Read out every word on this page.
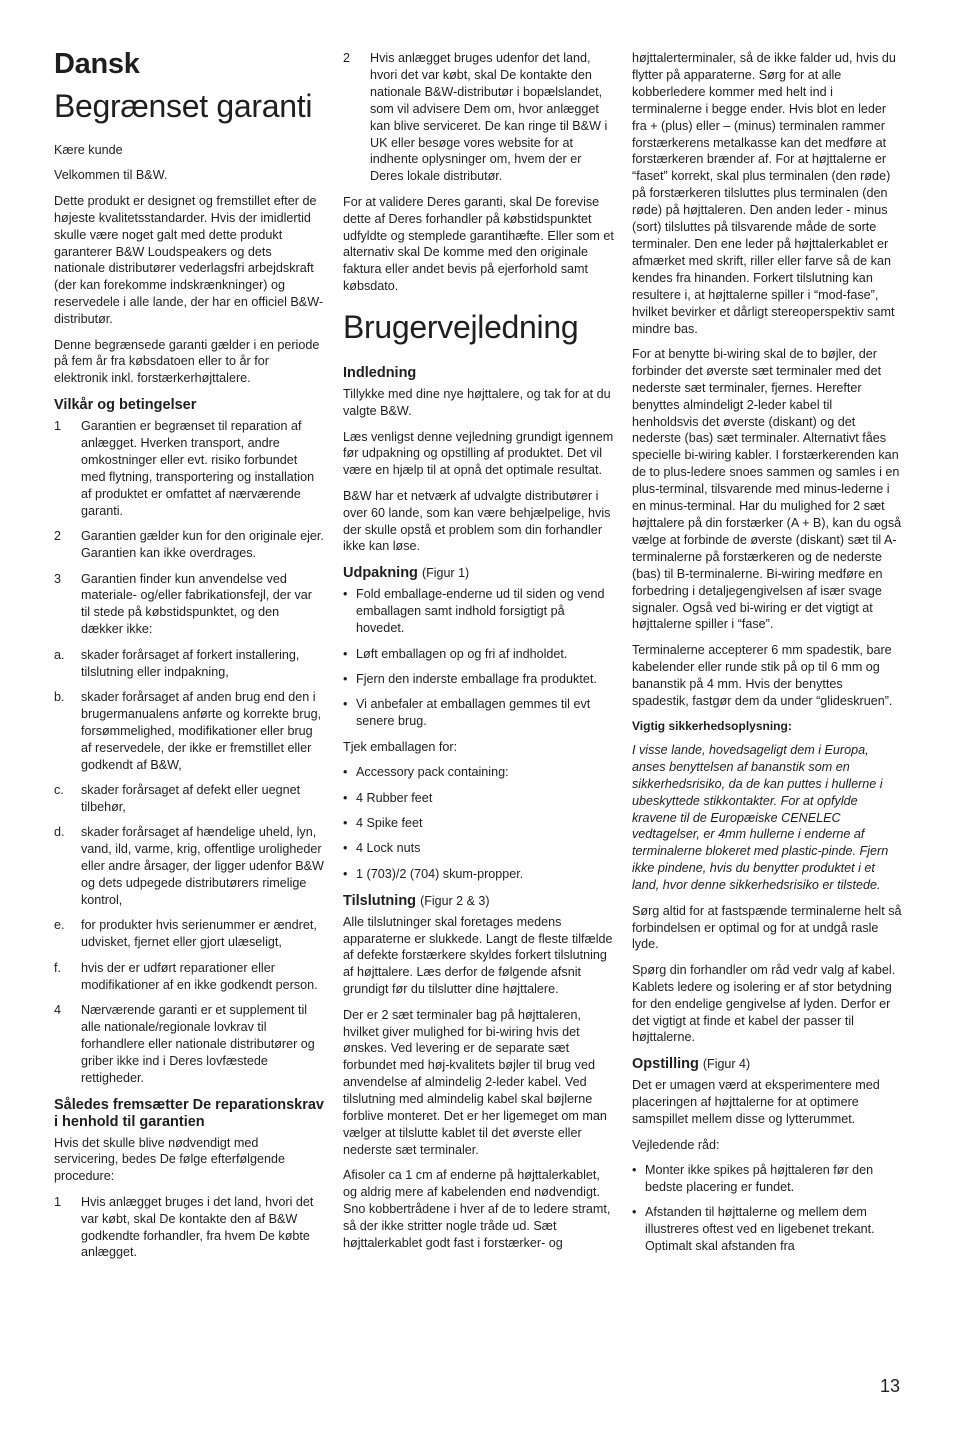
Dansk
Begrænset garanti

Kære kunde

Velkommen til B&W.

Dette produkt er designet og fremstillet efter de højeste kvalitetsstandarder. Hvis der imidlertid skulle være noget galt med dette produkt garanterer B&W Loudspeakers og dets nationale distributører vederlagsfri arbejdskraft (der kan forekomme indskrænkninger) og reservedele i alle lande, der har en officiel B&W-distributør.

Denne begrænsede garanti gælder i en periode på fem år fra købsdatoen eller to år for elektronik inkl. forstærkerhøjttalere.

Vilkår og betingelser
1	Garantien er begrænset til reparation af anlægget. Hverken transport, andre omkostninger eller evt. risiko forbundet med flytning, transportering og installation af produktet er omfattet af nærværende garanti.
2	Garantien gælder kun for den originale ejer. Garantien kan ikke overdrages.
3	Garantien finder kun anvendelse ved materiale- og/eller fabrikationsfejl, der var til stede på købstidspunktet, og den dækker ikke:
a.	skader forårsaget af forkert installering, tilslutning eller indpakning,
b.	skader forårsaget af anden brug end den i brugermanualens anførte og korrekte brug, forsømmelighed, modifikationer eller brug af reservedele, der ikke er fremstillet eller godkendt af B&W,
c.	skader forårsaget af defekt eller uegnet tilbehør,
d.	skader forårsaget af hændelige uheld, lyn, vand, ild, varme, krig, offentlige uroligheder eller andre årsager, der ligger udenfor B&W og dets udpegede distributørers rimelige kontrol,
e.	for produkter hvis serienummer er ændret, udvisket, fjernet eller gjort ulæseligt,
f.	hvis der er udført reparationer eller modifikationer af en ikke godkendt person.
4	Nærværende garanti er et supplement til alle nationale/regionale lovkrav til forhandlere eller nationale distributører og griber ikke ind i Deres lovfæstede rettigheder.
Således fremsætter De reparationskrav i henhold til garantien

Hvis det skulle blive nødvendigt med servicering, bedes De følge efterfølgende procedure:

1	Hvis anlægget bruges i det land, hvori det var købt, skal De kontakte den af B&W godkendte forhandler, fra hvem De købte anlægget.
2	Hvis anlægget bruges udenfor det land, hvori det var købt, skal De kontakte den nationale B&W-distributør i bopælslandet, som vil advisere Dem om, hvor anlægget kan blive serviceret. De kan ringe til B&W i UK eller besøge vores website for at indhente oplysninger om, hvem der er Deres lokale distributør.

For at validere Deres garanti, skal De forevise dette af Deres forhandler på købstidspunktet udfyldte og stemplede garantihæfte. Eller som et alternativ skal De komme med den originale faktura eller andet bevis på ejerforhold samt købsdato.

Brugervejledning
Indledning

Tillykke med dine nye højttalere, og tak for at du valgte B&W.

Læs venligst denne vejledning grundigt igennem før udpakning og opstilling af produktet. Det vil være en hjælp til at opnå det optimale resultat.

B&W har et netværk af udvalgte distributører i over 60 lande, som kan være behjælpelige, hvis der skulle opstå et problem som din forhandler ikke kan løse.

Udpakning (Figur 1)
• Fold emballage-enderne ud til siden og vend emballagen samt indhold forsigtigt på hovedet.
• Løft emballagen op og fri af indholdet.
• Fjern den inderste emballage fra produktet.
• Vi anbefaler at emballagen gemmes til evt senere brug.

Tjek emballagen for:

• Accessory pack containing:
• 4 Rubber feet
• 4 Spike feet
• 4 Lock nuts
• 1 (703)/2 (704) skum-propper.
Tilslutning (Figur 2 & 3)

Alle tilslutninger skal foretages medens apparaterne er slukkede. Langt de fleste tilfælde af defekte forstærkere skyldes forkert tilslutning af højttalere. Læs derfor de følgende afsnit grundigt før du tilslutter dine højttalere.

Der er 2 sæt terminaler bag på højttaleren, hvilket giver mulighed for bi-wiring hvis det ønskes. Ved levering er de separate sæt forbundet med høj-kvalitets bøjler til brug ved anvendelse af almindelig 2-leder kabel. Ved tilslutning med almindelig kabel skal bøjlerne forblive monteret. Det er her ligemeget om man vælger at tilslutte kablet til det øverste eller nederste sæt terminaler.

Afisoler ca 1 cm af enderne på højttalerkablet, og aldrig mere af kabelenden end nødvendigt. Sno kobbertrådene i hver af de to ledere stramt, så der ikke stritter nogle tråde ud. Sæt højttalerkablet godt fast i forstærker- og

højttalerterminaler, så de ikke falder ud, hvis du flytter på apparaterne. Sørg for at alle kobberledere kommer med helt ind i terminalerne i begge ender. Hvis blot en leder fra + (plus) eller – (minus) terminalen rammer forstærkerens metalkasse kan det medføre at forstærkeren brænder af. For at højttalerne er “faset” korrekt, skal plus terminalen (den røde) på forstærkeren tilsluttes plus terminalen (den røde) på højttaleren. Den anden leder - minus (sort) tilsluttes på tilsvarende måde de sorte terminaler. Den ene leder på højttalerkablet er afmærket med skrift, riller eller farve så de kan kendes fra hinanden. Forkert tilslutning kan resultere i, at højttalerne spiller i “mod-fase”, hvilket bevirker et dårligt stereoperspektiv samt mindre bas.

For at benytte bi-wiring skal de to bøjler, der forbinder det øverste sæt terminaler med det nederste sæt terminaler, fjernes. Herefter benyttes almindeligt 2-leder kabel til henholdsvis det øverste (diskant) og det nederste (bas) sæt terminaler. Alternativt fåes specielle bi-wiring kabler. I forstærkerenden kan de to plus-ledere snoes sammen og samles i en plus-terminal, tilsvarende med minus-lederne i en minus-terminal. Har du mulighed for 2 sæt højttalere på din forstærker (A + B), kan du også vælge at forbinde de øverste (diskant) sæt til A-terminalerne på forstærkeren og de nederste (bas) til B-terminalerne. Bi-wiring medføre en forbedring i detaljegengivelsen af især svage signaler. Også ved bi-wiring er det vigtigt at højttalerne spiller i “fase”.

Terminalerne accepterer 6 mm spadestik, bare kabelender eller runde stik på op til 6 mm og bananstik på 4 mm. Hvis der benyttes spadestik, fastgør dem da under “glideskruen”.

Vigtig sikkerhedsoplysning:

I visse lande, hovedsageligt dem i Europa, anses benyttelsen af bananstik som en sikkerhedsrisiko, da de kan puttes i hullerne i ubeskyttede stikkontakter. For at opfylde kravene til de Europæiske CENELEC vedtagelser, er 4mm hullerne i enderne af terminalerne blokeret med plastic-pinde. Fjern ikke pindene, hvis du benytter produktet i et land, hvor denne sikkerhedsrisiko er tilstede.

Sørg altid for at fastspænde terminalerne helt så forbindelsen er optimal og for at undgå rasle lyde.

Spørg din forhandler om råd vedr valg af kabel. Kablets ledere og isolering er af stor betydning for den endelige gengivelse af lyden. Derfor er det vigtigt at finde et kabel der passer til højttalerne.

Opstilling (Figur 4)

Det er umagen værd at eksperimentere med placeringen af højttalerne for at optimere samspillet mellem disse og lytterummet.

Vejledende råd:

• Monter ikke spikes på højttaleren før den bedste placering er fundet.
• Afstanden til højttalerne og mellem dem illustreres oftest ved en ligebenet trekant. Optimalt skal afstanden fra
13
